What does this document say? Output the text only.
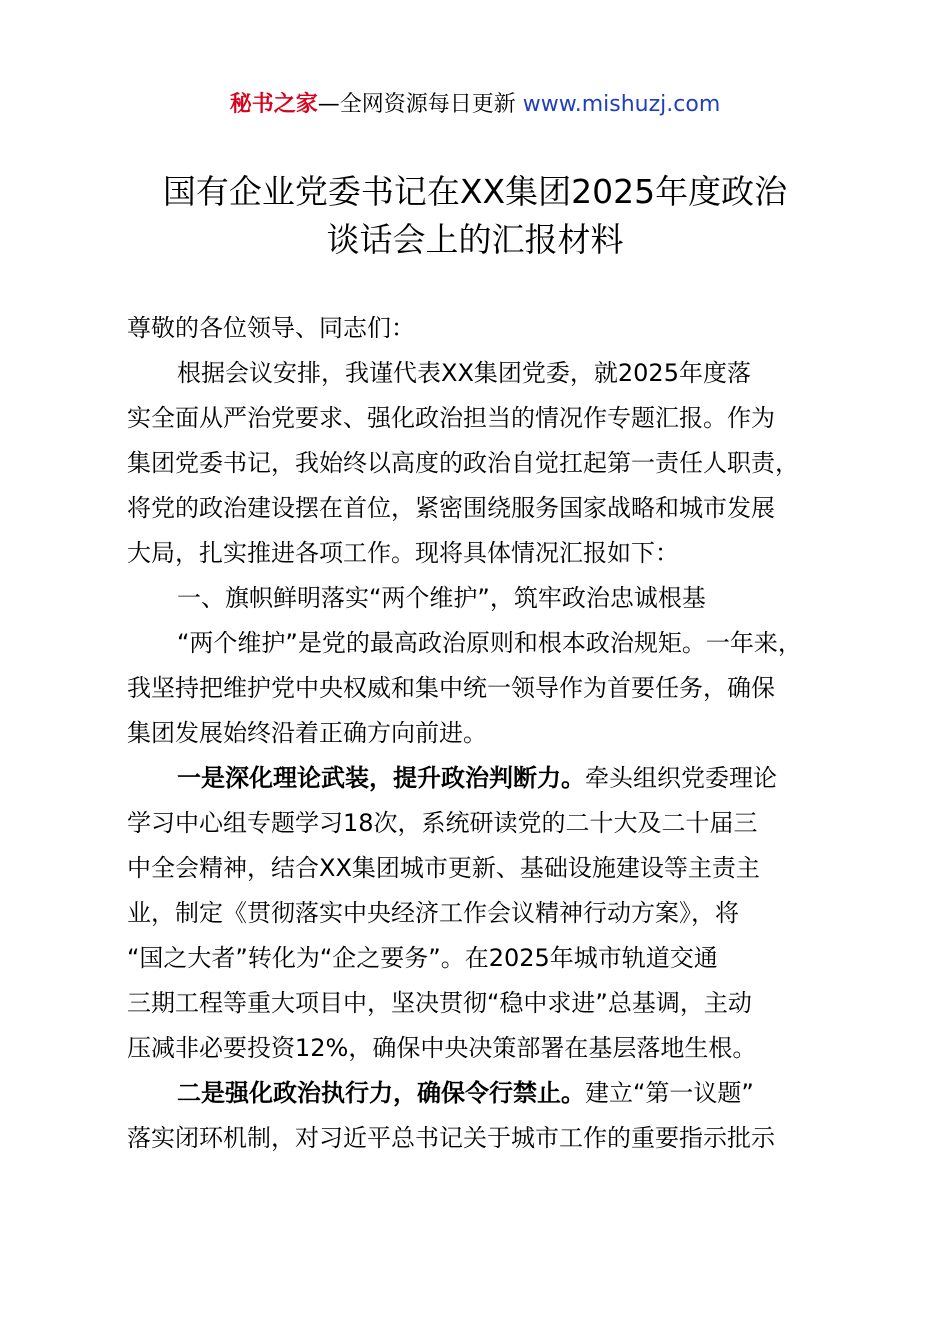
秘书之家—全网资源每日更新 www.mishuzj.com
国有企业党委书记在XX集团2025年度政治
谈话会上的汇报材料
尊敬的各位领导、同志们：
根据会议安排，我谨代表XX集团党委，就2025年度落
实全面从严治党要求、强化政治担当的情况作专题汇报。作为
集团党委书记，我始终以高度的政治自觉扛起第一责任人职责，
将党的政治建设摆在首位，紧密围绕服务国家战略和城市发展
大局，扎实推进各项工作。现将具体情况汇报如下：
一、旗帜鲜明落实“两个维护”，筑牢政治忠诚根基
“两个维护”是党的最高政治原则和根本政治规矩。一年来，
我坚持把维护党中央权威和集中统一领导作为首要任务，确保
集团发展始终沿着正确方向前进。
一是深化理论武装，提升政治判断力。牵头组织党委理论
学习中心组专题学习18次，系统研读党的二十大及二十届三
中全会精神，结合XX集团城市更新、基础设施建设等主责主
业，制定《贯彻落实中央经济工作会议精神行动方案》，将
“国之大者”转化为“企之要务”。在2025年城市轨道交通
三期工程等重大项目中，坚决贯彻“稳中求进”总基调，主动
压减非必要投资12%，确保中央决策部署在基层落地生根。
二是强化政治执行力，确保令行禁止。建立“第一议题”
落实闭环机制，对习近平总书记关于城市工作的重要指示批示
